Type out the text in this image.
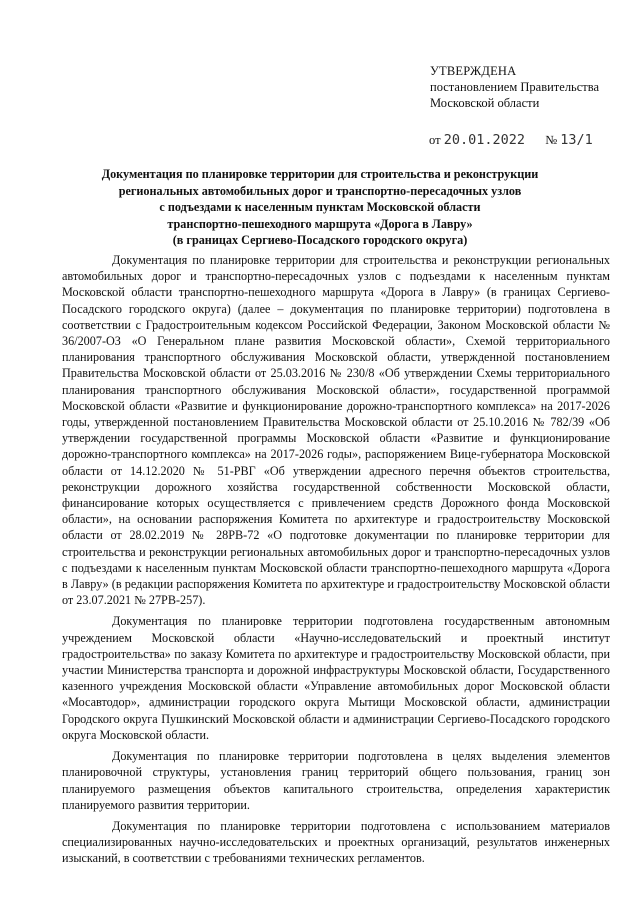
УТВЕРЖДЕНА
постановлением Правительства
Московской области
от 20.01.2022 № 13/1
Документация по планировке территории для строительства и реконструкции
региональных автомобильных дорог и транспортно-пересадочных узлов
с подъездами к населенным пунктам Московской области
транспортно-пешеходного маршрута «Дорога в Лавру»
(в границах Сергиево-Посадского городского округа)

Документация по планировке территории для строительства и реконструкции региональных автомобильных дорог и транспортно-пересадочных узлов с подъездами к населенным пунктам Московской области транспортно-пешеходного маршрута «Дорога в Лавру» (в границах Сергиево-Посадского городского округа) (далее – документация по планировке территории) подготовлена в соответствии с Градостроительным кодексом Российской Федерации, Законом Московской области № 36/2007-ОЗ «О Генеральном плане развития Московской области», Схемой территориального планирования транспортного обслуживания Московской области, утвержденной постановлением Правительства Московской области от 25.03.2016 № 230/8 «Об утверждении Схемы территориального планирования транспортного обслуживания Московской области», государственной программой Московской области «Развитие и функционирование дорожно-транспортного комплекса» на 2017-2026 годы, утвержденной постановлением Правительства Московской области от 25.10.2016 № 782/39 «Об утверждении государственной программы Московской области «Развитие и функционирование дорожно-транспортного комплекса» на 2017-2026 годы», распоряжением Вице-губернатора Московской области от 14.12.2020 № 51-РВГ «Об утверждении адресного перечня объектов строительства, реконструкции дорожного хозяйства государственной собственности Московской области, финансирование которых осуществляется с привлечением средств Дорожного фонда Московской области», на основании распоряжения Комитета по архитектуре и градостроительству Московской области от 28.02.2019 № 28РВ-72 «О подготовке документации по планировке территории для строительства и реконструкции региональных автомобильных дорог и транспортно-пересадочных узлов с подъездами к населенным пунктам Московской области транспортно-пешеходного маршрута «Дорога в Лавру» (в редакции распоряжения Комитета по архитектуре и градостроительству Московской области от 23.07.2021 № 27РВ-257).

Документация по планировке территории подготовлена государственным автономным учреждением Московской области «Научно-исследовательский и проектный институт градостроительства» по заказу Комитета по архитектуре и градостроительству Московской области, при участии Министерства транспорта и дорожной инфраструктуры Московской области, Государственного казенного учреждения Московской области «Управление автомобильных дорог Московской области «Мосавтодор», администрации городского округа Мытищи Московской области, администрации Городского округа Пушкинский Московской области и администрации Сергиево-Посадского городского округа Московской области.

Документация по планировке территории подготовлена в целях выделения элементов планировочной структуры, установления границ территорий общего пользования, границ зон планируемого размещения объектов капитального строительства, определения характеристик планируемого развития территории.

Документация по планировке территории подготовлена с использованием материалов специализированных научно-исследовательских и проектных организаций, результатов инженерных изысканий, в соответствии с требованиями технических регламентов.
